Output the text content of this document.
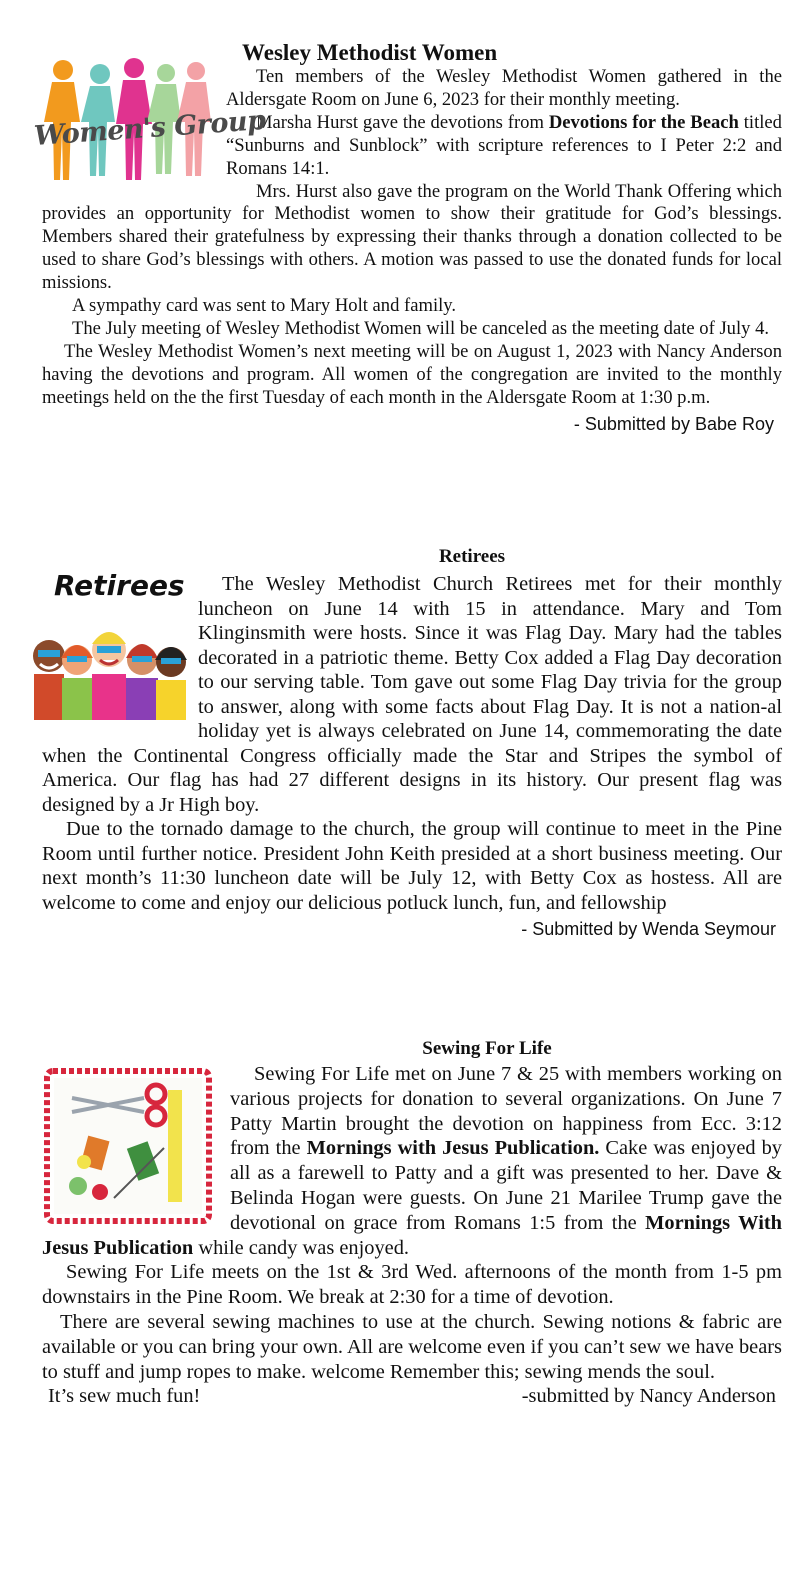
Women's Group
Wesley Methodist Women

Ten members of the Wesley Methodist Women gathered in the Aldersgate Room on June 6, 2023 for their monthly meeting.

Marsha Hurst gave the devotions from Devotions for the Beach titled “Sunburns and Sunblock” with scripture references to I Peter 2:2 and Romans 14:1.

Mrs. Hurst also gave the program on the World Thank Offering which provides an opportunity for Methodist women to show their gratitude for God’s blessings. Members shared their gratefulness by expressing their thanks through a donation collected to be used to share God’s blessings with others. A motion was passed to use the donated funds for local missions.

A sympathy card was sent to Mary Holt and family.

The July meeting of Wesley Methodist Women will be canceled as the meeting date of July 4.

The Wesley Methodist Women’s next meeting will be on August 1, 2023 with Nancy Anderson having the devotions and program. All women of the congregation are invited to the monthly meetings held on the the first Tuesday of each month in the Aldersgate Room at 1:30 p.m.

- Submitted by Babe Roy
Retirees
Retirees	The Wesley Methodist Church Retirees met for their monthly luncheon on June 14 with 15 in attendance. Mary and Tom Klinginsmith were hosts. Since it was Flag Day. Mary had the tables decorated in a patriotic theme. Betty Cox added a Flag Day decoration to our serving table. Tom gave out some Flag Day trivia for the group to answer, along with some facts about Flag Day. It is not a nation-al holiday yet is always celebrated on June 14, commemorating the date when the Continental Congress officially made the Star and Stripes the symbol of America. Our flag has had 27 different designs in its history. Our present flag was designed by a Jr High boy.

Due to the tornado damage to the church, the group will continue to meet in the Pine Room until further notice. President John Keith presided at a short business meeting. Our next month’s 11:30 luncheon date will be July 12, with Betty Cox as hostess. All are welcome to come and enjoy our delicious potluck lunch, fun, and fellowship

- Submitted by Wenda Seymour
Sewing For Life

Sewing For Life met on June 7 & 25 with members working on various projects for donation to several organizations. On June 7 Patty Martin brought the devotion on happiness from Ecc. 3:12 from the Mornings with Jesus Publication. Cake was enjoyed by all as a farewell to Patty and a gift was presented to her. Dave & Belinda Hogan were guests. On June 21 Marilee Trump gave the devotional on grace from Romans 1:5 from the Mornings With Jesus Publication while candy was enjoyed.

Sewing For Life meets on the 1st & 3rd Wed. afternoons of the month from 1-5 pm downstairs in the Pine Room. We break at 2:30 for a time of devotion.

There are several sewing machines to use at the church. Sewing notions & fabric are available or you can bring your own. All are welcome even if you can’t sew we have bears to stuff and jump ropes to make. welcome Remember this; sewing mends the soul.

It’s sew much fun!	-submitted by Nancy Anderson
